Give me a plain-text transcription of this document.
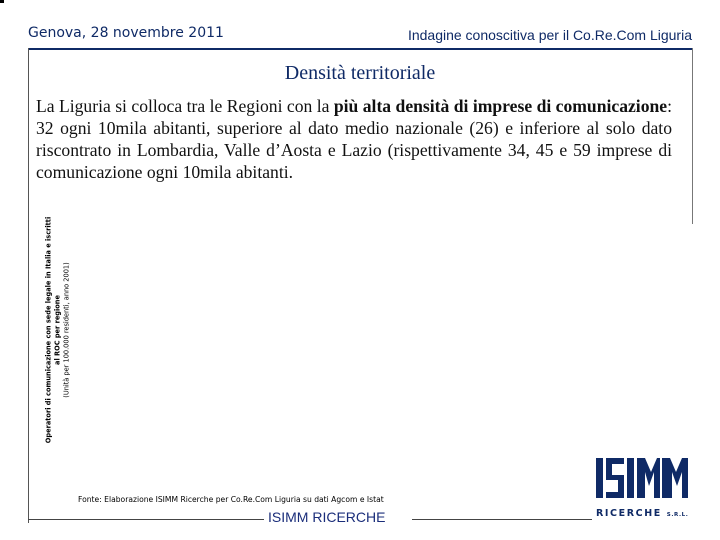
Genova, 28 novembre 2011	Indagine conoscitiva per il Co.Re.Com Liguria
Densità territoriale
La Liguria si colloca tra le Regioni con la più alta densità di imprese di comunicazione: 32 ogni 10mila abitanti, superiore al dato medio nazionale (26) e inferiore al solo dato riscontrato in Lombardia, Valle d’Aosta e Lazio (rispettivamente 34, 45 e 59 imprese di comunicazione ogni 10mila abitanti.
Operatori di comunicazione con sede legale in Italia e iscritti al ROC per regione (Unità per 100.000 residenti, anno 2001)
Fonte: Elaborazione ISIMM Ricerche per Co.Re.Com Liguria su dati Agcom e Istat
ISIMM RICERCHE	RICERCHE S.R.L.
